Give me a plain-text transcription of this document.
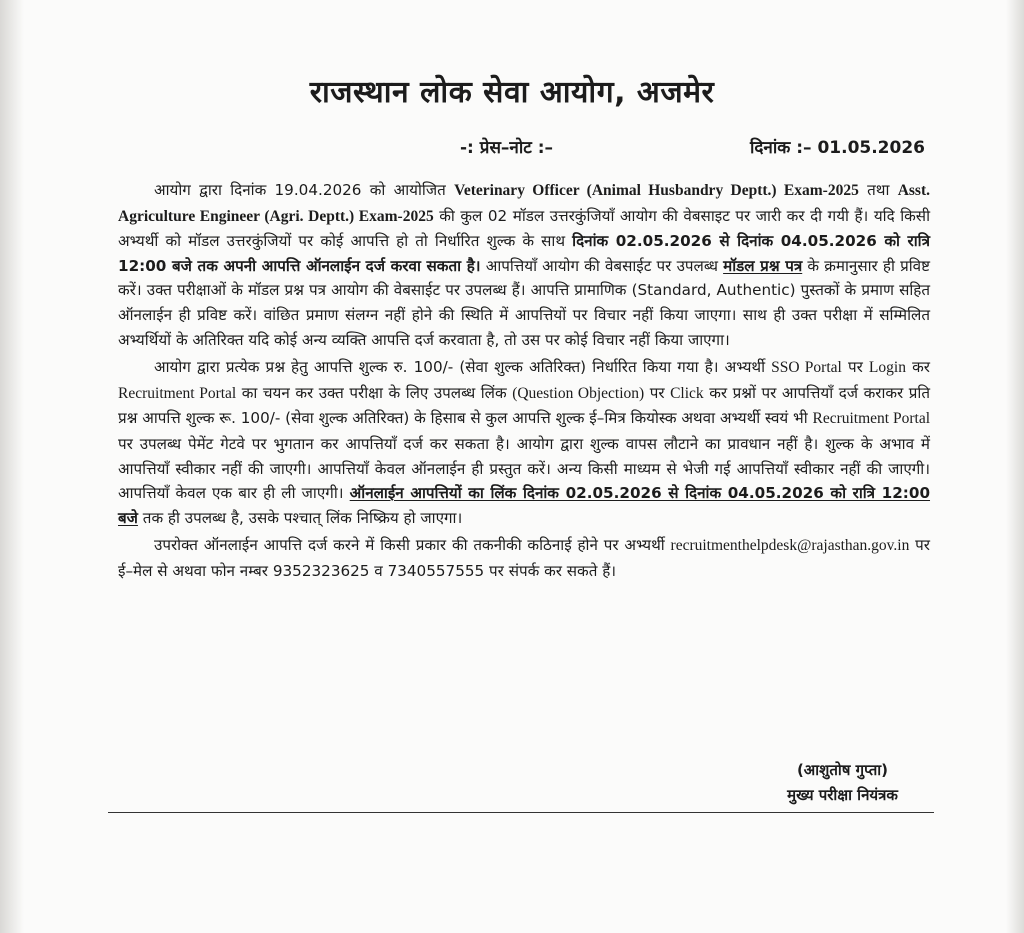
राजस्थान लोक सेवा आयोग, अजमेर
-: प्रेस–नोट :–	दिनांक :– 01.05.2026

आयोग द्वारा दिनांक 19.04.2026 को आयोजित Veterinary Officer (Animal Husbandry Deptt.) Exam-2025 तथा Asst. Agriculture Engineer (Agri. Deptt.) Exam-2025 की कुल 02 मॉडल उत्तरकुंजियाँ आयोग की वेबसाइट पर जारी कर दी गयी हैं। यदि किसी अभ्यर्थी को मॉडल उत्तरकुंजियों पर कोई आपत्ति हो तो निर्धारित शुल्क के साथ दिनांक 02.05.2026 से दिनांक 04.05.2026 को रात्रि 12:00 बजे तक अपनी आपत्ति ऑनलाईन दर्ज करवा सकता है। आपत्तियाँ आयोग की वेबसाईट पर उपलब्ध मॉडल प्रश्न पत्र के क्रमानुसार ही प्रविष्ट करें। उक्त परीक्षाओं के मॉडल प्रश्न पत्र आयोग की वेबसाईट पर उपलब्ध हैं। आपत्ति प्रामाणिक (Standard, Authentic) पुस्तकों के प्रमाण सहित ऑनलाईन ही प्रविष्ट करें। वांछित प्रमाण संलग्न नहीं होने की स्थिति में आपत्तियों पर विचार नहीं किया जाएगा। साथ ही उक्त परीक्षा में सम्मिलित अभ्यर्थियों के अतिरिक्त यदि कोई अन्य व्यक्ति आपत्ति दर्ज करवाता है, तो उस पर कोई विचार नहीं किया जाएगा।

आयोग द्वारा प्रत्येक प्रश्न हेतु आपत्ति शुल्क रु. 100/- (सेवा शुल्क अतिरिक्त) निर्धारित किया गया है। अभ्यर्थी SSO Portal पर Login कर Recruitment Portal का चयन कर उक्त परीक्षा के लिए उपलब्ध लिंक (Question Objection) पर Click कर प्रश्नों पर आपत्तियाँ दर्ज कराकर प्रति प्रश्न आपत्ति शुल्क रू. 100/- (सेवा शुल्क अतिरिक्त) के हिसाब से कुल आपत्ति शुल्क ई–मित्र कियोस्क अथवा अभ्यर्थी स्वयं भी Recruitment Portal पर उपलब्ध पेमेंट गेटवे पर भुगतान कर आपत्तियाँ दर्ज कर सकता है। आयोग द्वारा शुल्क वापस लौटाने का प्रावधान नहीं है। शुल्क के अभाव में आपत्तियाँ स्वीकार नहीं की जाएगी। आपत्तियाँ केवल ऑनलाईन ही प्रस्तुत करें। अन्य किसी माध्यम से भेजी गई आपत्तियाँ स्वीकार नहीं की जाएगी। आपत्तियाँ केवल एक बार ही ली जाएगी। ऑनलाईन आपत्तियों का लिंक दिनांक 02.05.2026 से दिनांक 04.05.2026 को रात्रि 12:00 बजे तक ही उपलब्ध है, उसके पश्चात् लिंक निष्क्रिय हो जाएगा।

उपरोक्त ऑनलाईन आपत्ति दर्ज करने में किसी प्रकार की तकनीकी कठिनाई होने पर अभ्यर्थी recruitmenthelpdesk@rajasthan.gov.in पर ई–मेल से अथवा फोन नम्बर 9352323625 व 7340557555 पर संपर्क कर सकते हैं।

(आशुतोष गुप्ता)
मुख्य परीक्षा नियंत्रक
